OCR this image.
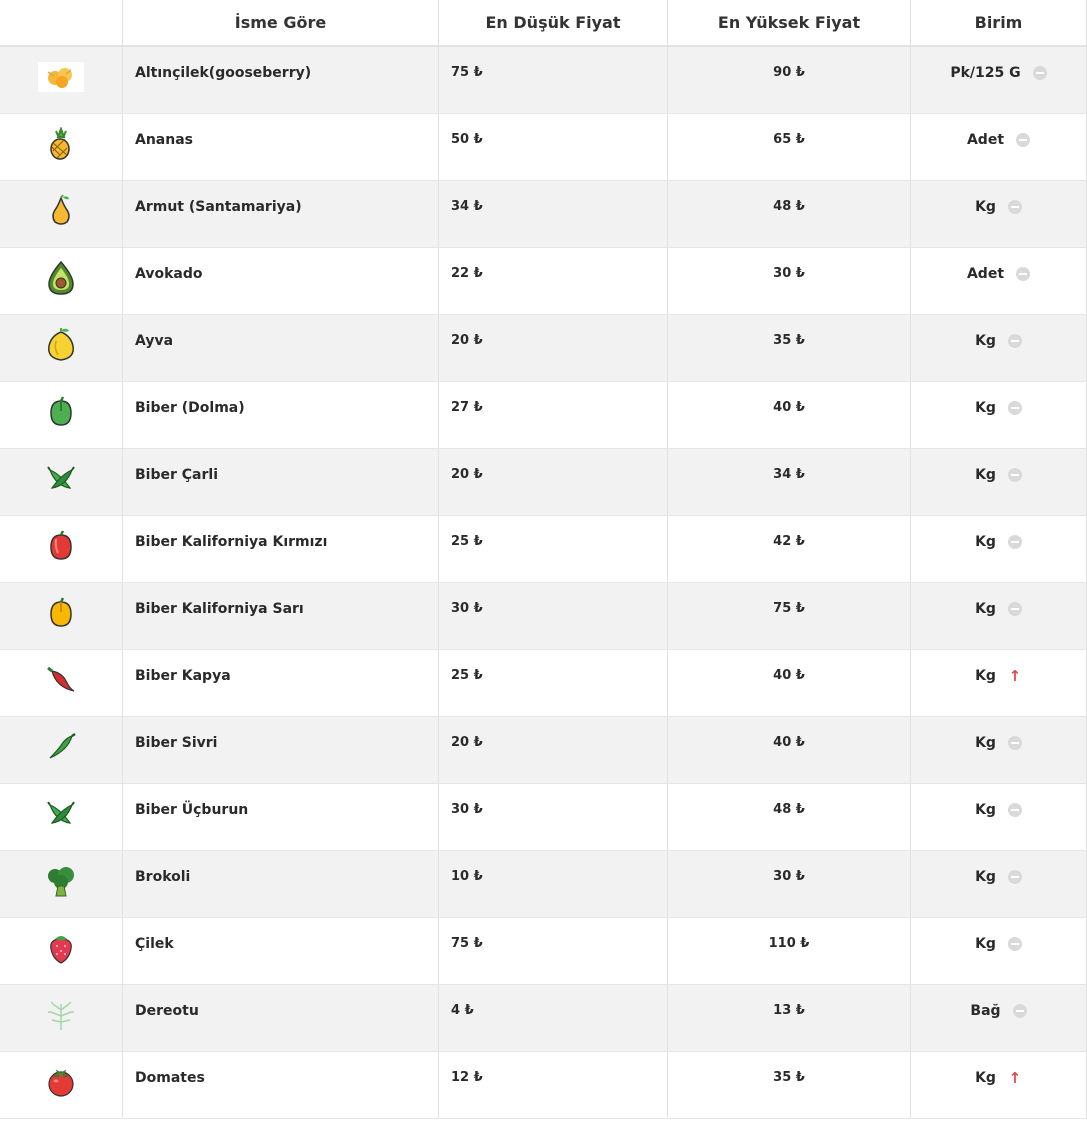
İsme Göre	En Düşük Fiyat	En Yüksek Fiyat	Birim
Altınçilek(gooseberry)	75 ₺	90 ₺	Pk/125 G
Ananas	50 ₺	65 ₺	Adet
Armut (Santamariya)	34 ₺	48 ₺	Kg
Avokado	22 ₺	30 ₺	Adet
Ayva	20 ₺	35 ₺	Kg
Biber (Dolma)	27 ₺	40 ₺	Kg
Biber Çarli	20 ₺	34 ₺	Kg
Biber Kaliforniya Kırmızı	25 ₺	42 ₺	Kg
Biber Kaliforniya Sarı	30 ₺	75 ₺	Kg
Biber Kapya	25 ₺	40 ₺	Kg ↑
Biber Sivri	20 ₺	40 ₺	Kg
Biber Üçburun	30 ₺	48 ₺	Kg
Brokoli	10 ₺	30 ₺	Kg
Çilek	75 ₺	110 ₺	Kg
Dereotu	4 ₺	13 ₺	Bağ
Domates	12 ₺	35 ₺	Kg ↑
